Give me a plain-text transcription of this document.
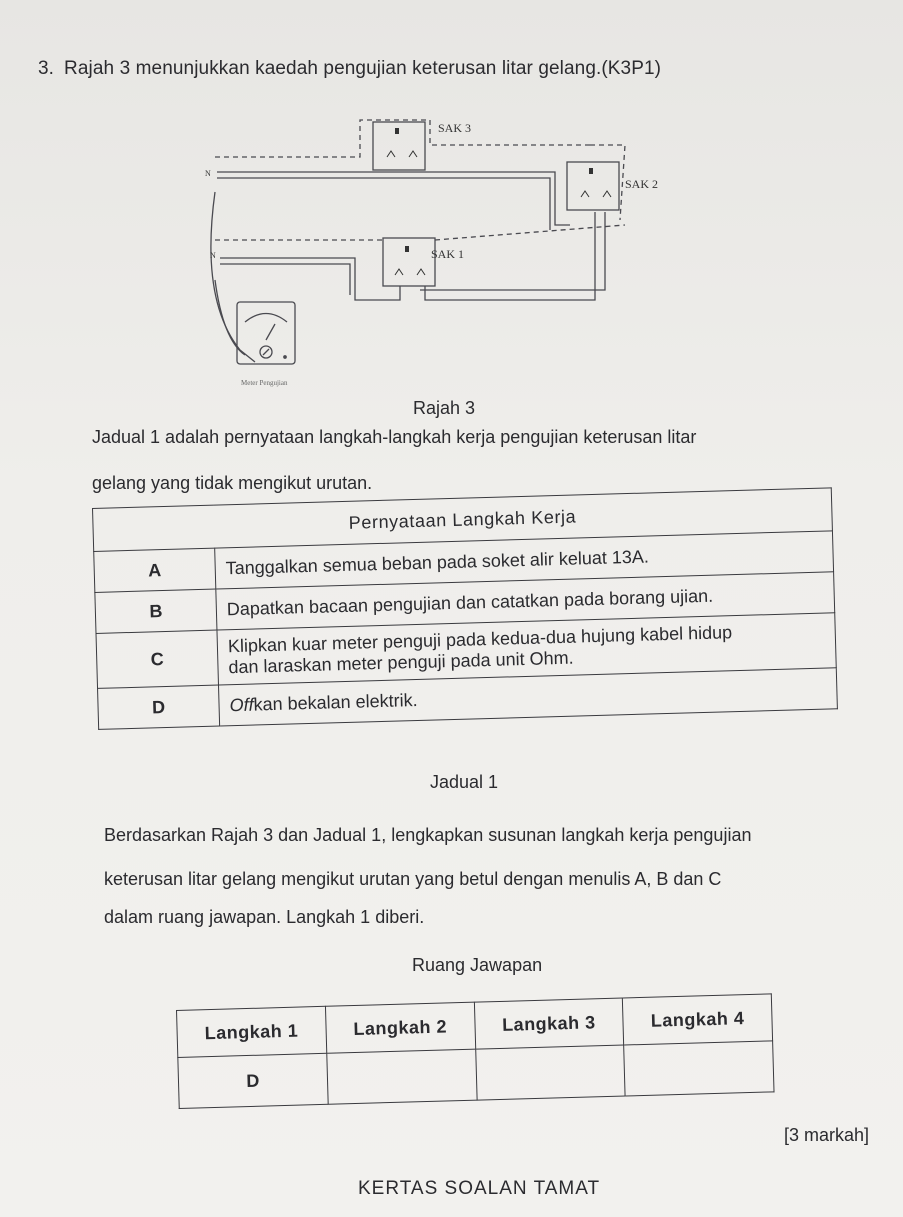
3. Rajah 3 menunjukkan kaedah pengujian keterusan litar gelang.(K3P1)
SAK 3
SAK 2
SAK 1
N
N
Meter Pengujian
Rajah 3
Jadual 1 adalah pernyataan langkah-langkah kerja pengujian keterusan litar
gelang yang tidak mengikut urutan.
Pernyataan Langkah Kerja	
A	Tanggalkan semua beban pada soket alir keluat 13A.
B	Dapatkan bacaan pengujian dan catatkan pada borang ujian.
C	Klipkan kuar meter penguji pada kedua-dua hujung kabel hidup
dan laraskan meter penguji pada unit Ohm.

D	Offkan bekalan elektrik.
Jadual 1
Berdasarkan Rajah 3 dan Jadual 1, lengkapkan susunan langkah kerja pengujian
keterusan litar gelang mengikut urutan yang betul dengan menulis A, B dan C
dalam ruang jawapan. Langkah 1 diberi.
Ruang Jawapan
Langkah 1	Langkah 2	Langkah 3	Langkah 4
D			
[3 markah]
KERTAS SOALAN TAMAT
